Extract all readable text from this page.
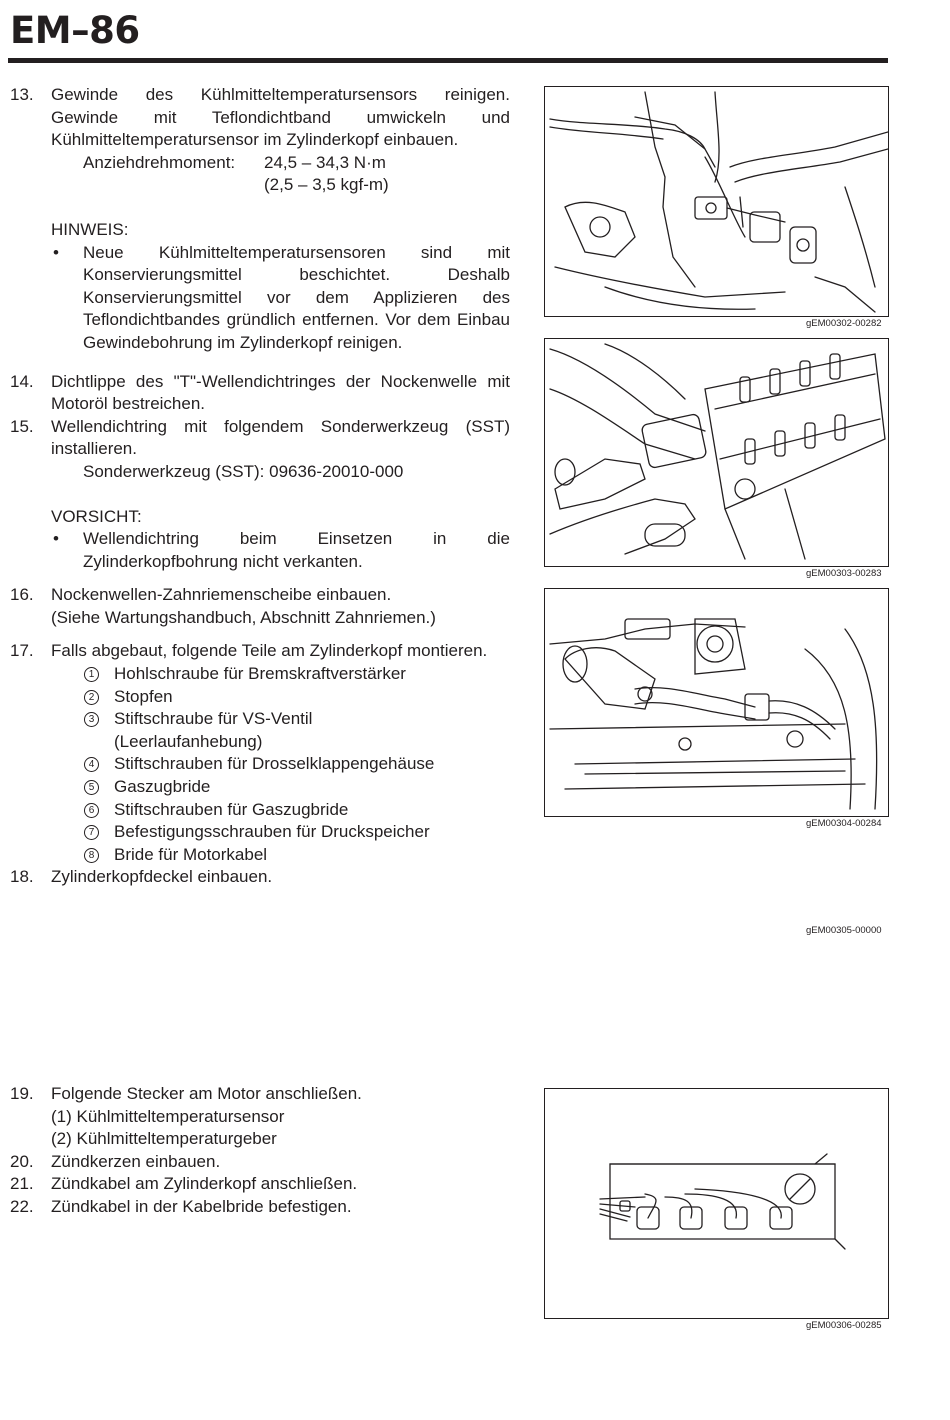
EM–86
13. Gewinde des Kühlmitteltemperatursensors reinigen. Gewinde mit Teflondichtband umwickeln und Kühlmitteltemperatursensor im Zylinderkopf einbauen.
Anziehdrehmoment:	24,5 – 34,3 N·m
(2,5 – 3,5 kgf-m)
HINWEIS:
• Neue Kühlmitteltemperatursensoren sind mit Konservierungsmittel beschichtet. Deshalb Konservierungsmittel vor dem Applizieren des Teflondichtbandes gründlich entfernen. Vor dem Einbau Gewindebohrung im Zylinderkopf reinigen.
14. Dichtlippe des "T"-Wellendichtringes der Nockenwelle mit Motoröl bestreichen.
15. Wellendichtring mit folgendem Sonderwerkzeug (SST) installieren.
Sonderwerkzeug (SST): 09636-20010-000
VORSICHT:
• Wellendichtring beim Einsetzen in die Zylinderkopfbohrung nicht verkanten.
16. Nockenwellen-Zahnriemenscheibe einbauen.
(Siehe Wartungshandbuch, Abschnitt Zahnriemen.)
17. Falls abgebaut, folgende Teile am Zylinderkopf montieren.
1 Hohlschraube für Bremskraftverstärker
2 Stopfen
3 Stiftschraube für VS-Ventil (Leerlaufanhebung)
4 Stiftschrauben für Drosselklappengehäuse
5 Gaszugbride
6 Stiftschrauben für Gaszugbride
7 Befestigungsschrauben für Druckspeicher
8 Bride für Motorkabel
18. Zylinderkopfdeckel einbauen.
19. Folgende Stecker am Motor anschließen.
(1) Kühlmitteltemperatursensor
(2) Kühlmitteltemperaturgeber
20. Zündkerzen einbauen.
21. Zündkabel am Zylinderkopf anschließen.
22. Zündkabel in der Kabelbride befestigen.
gEM00302-00282
gEM00303-00283
gEM00304-00284
gEM00305-00000
gEM00306-00285
